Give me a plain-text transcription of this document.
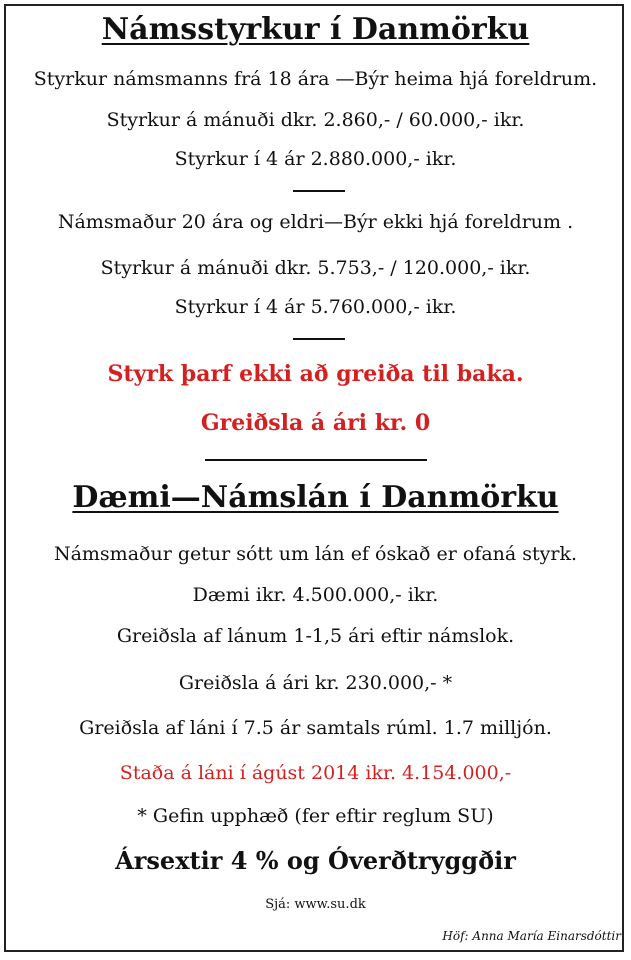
Námsstyrkur í Danmörku
Styrkur námsmanns frá 18 ára —Býr heima hjá foreldrum.
Styrkur á mánuði dkr. 2.860,- / 60.000,- ikr.
Styrkur í 4 ár 2.880.000,- ikr.
Námsmaður 20 ára og eldri—Býr ekki hjá foreldrum .
Styrkur á mánuði dkr. 5.753,- / 120.000,- ikr.
Styrkur í 4 ár 5.760.000,- ikr.
Styrk þarf ekki að greiða til baka.
Greiðsla á ári kr. 0
Dæmi—Námslán í Danmörku
Námsmaður getur sótt um lán ef óskað er ofaná styrk.
Dæmi ikr. 4.500.000,- ikr.
Greiðsla af lánum 1-1,5 ári eftir námslok.
Greiðsla á ári kr. 230.000,- *
Greiðsla af láni í 7.5 ár samtals rúml. 1.7 milljón.
Staða á láni í ágúst 2014 ikr. 4.154.000,-
* Gefin upphæð (fer eftir reglum SU)
Ársextir 4 % og Óverðtryggðir
Sjá: www.su.dk
Höf: Anna María Einarsdóttir
